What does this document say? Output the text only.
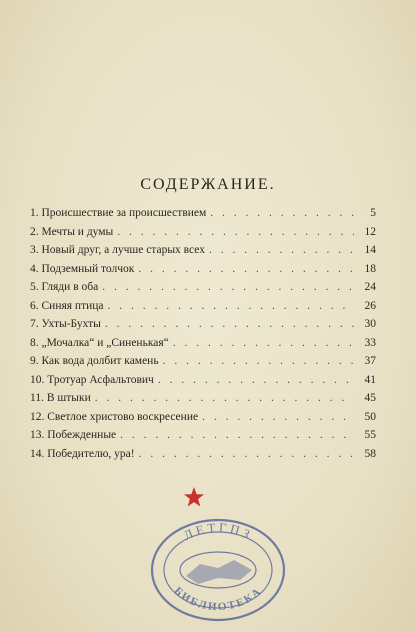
СОДЕРЖАНИЕ.
1. Происшествие за происшествием . . .	5
2. Мечты и думы . . .	12
3. Новый друг, а лучше старых всех . . .	14
4. Подземный толчок . . .	18
5. Гляди в оба . . .	24
6. Синяя птица . . .	26
7. Ухты-Бухты . . .	30
8. „Мочалка“ и „Синенькая“ . . .	33
9. Как вода долбит камень . . .	37
10. Тротуар Асфальтович . . .	41
11. В штыки . . .	45
12. Светлое христово воскресение . . .	50
13. Побежденные . . .	55
14. Победителю, ура! . . .	58
ЛЕТГПЗ
БИБЛИОТЕКА
